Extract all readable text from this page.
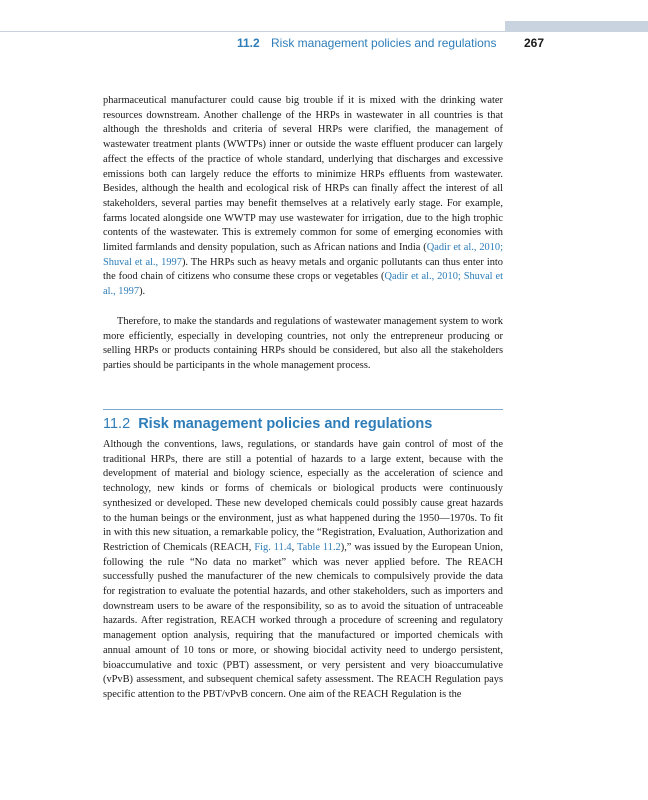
11.2 Risk management policies and regulations 267

pharmaceutical manufacturer could cause big trouble if it is mixed with the drinking water resources downstream. Another challenge of the HRPs in wastewater in all countries is that although the thresholds and criteria of several HRPs were clarified, the management of wastewater treatment plants (WWTPs) inner or outside the waste effluent producer can largely affect the effects of the practice of whole standard, underlying that discharges and excessive emissions both can largely reduce the efforts to minimize HRPs effluents from wastewater. Besides, although the health and ecological risk of HRPs can finally affect the interest of all stakeholders, several parties may benefit themselves at a relatively early stage. For example, farms located alongside one WWTP may use wastewater for irrigation, due to the high trophic contents of the wastewater. This is extremely common for some of emerging economies with limited farmlands and density population, such as African nations and India (Qadir et al., 2010; Shuval et al., 1997). The HRPs such as heavy metals and organic pollutants can thus enter into the food chain of citizens who consume these crops or vegetables (Qadir et al., 2010; Shuval et al., 1997).

Therefore, to make the standards and regulations of wastewater management system to work more efficiently, especially in developing countries, not only the entrepreneur producing or selling HRPs or products containing HRPs should be considered, but also all the stakeholders parties should be participants in the whole management process.

11.2 Risk management policies and regulations

Although the conventions, laws, regulations, or standards have gain control of most of the traditional HRPs, there are still a potential of hazards to a large extent, because with the development of material and biology science, especially as the acceleration of science and technology, new kinds or forms of chemicals or biological products were continuously synthesized or developed. These new developed chemicals could possibly cause great hazards to the human beings or the environment, just as what happened during the 1950—1970s. To fit in with this new situation, a remarkable policy, the “Registration, Evaluation, Authorization and Restriction of Chemicals (REACH, Fig. 11.4, Table 11.2),” was issued by the European Union, following the rule “No data no market” which was never applied before. The REACH successfully pushed the manufacturer of the new chemicals to compulsively provide the data for registration to evaluate the potential hazards, and other stakeholders, such as importers and downstream users to be aware of the responsibility, so as to avoid the situation of untraceable hazards. After registration, REACH worked through a procedure of screening and regulatory management option analysis, requiring that the manufactured or imported chemicals with annual amount of 10 tons or more, or showing biocidal activity need to undergo persistent, bioaccumulative and toxic (PBT) assessment, or very persistent and very bioaccumulative (vPvB) assessment, and subsequent chemical safety assessment. The REACH Regulation pays specific attention to the PBT/vPvB concern. One aim of the REACH Regulation is the
